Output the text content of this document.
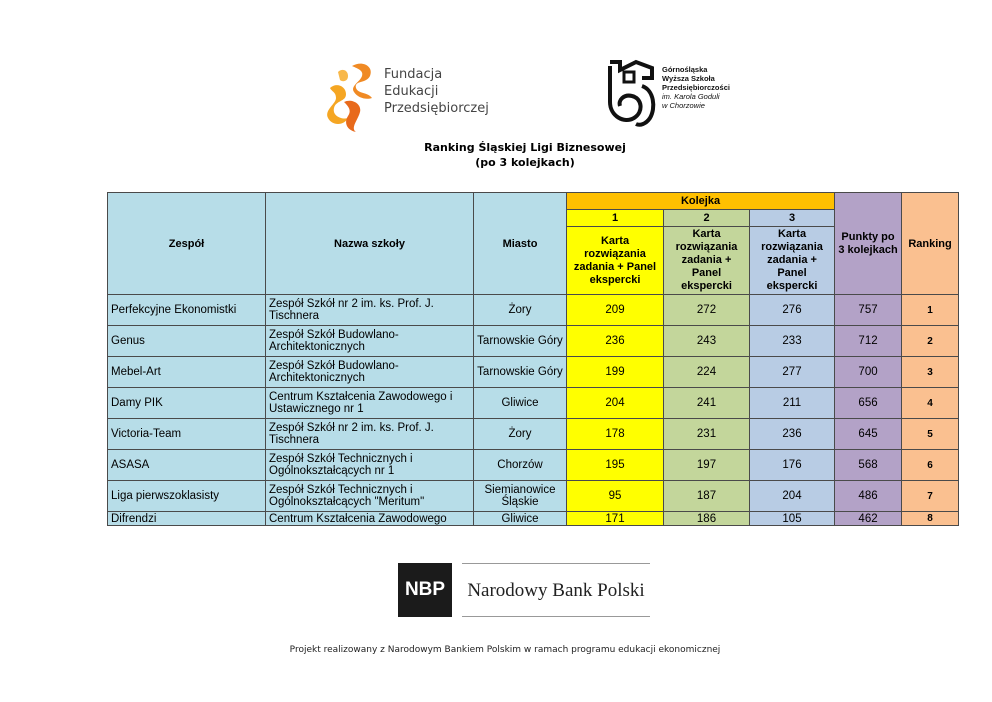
Fundacja
Edukacji
Przedsiębiorczej
Górnośląska
Wyższa Szkoła
Przedsiębiorczości
im. Karola Goduli
w Chorzowie
Ranking Śląskiej Ligi Biznesowej
(po 3 kolejkach)
Zespół	Nazwa szkoły	Miasto	Kolejka			Punkty po 3 kolejkach	Ranking
			1	2	3		
			Karta rozwiązania zadania + Panel ekspercki	Karta rozwiązania zadania + Panel ekspercki	Karta rozwiązania zadania + Panel ekspercki		
Perfekcyjne Ekonomistki	Zespół Szkół nr 2 im. ks. Prof. J. Tischnera	Żory	209	272	276	757	1
Genus	Zespół Szkół Budowlano-Architektonicznych	Tarnowskie Góry	236	243	233	712	2
Mebel-Art	Zespół Szkół Budowlano-Architektonicznych	Tarnowskie Góry	199	224	277	700	3
Damy PIK	Centrum Kształcenia Zawodowego i Ustawicznego nr 1	Gliwice	204	241	211	656	4
Victoria-Team	Zespół Szkół nr 2 im. ks. Prof. J. Tischnera	Żory	178	231	236	645	5
ASASA	Zespół Szkół Technicznych i Ogólnokształcących nr 1	Chorzów	195	197	176	568	6
Liga pierwszoklasisty	Zespół Szkół Technicznych i Ogólnokształcących "Meritum"	Siemianowice Śląskie	95	187	204	486	7
Difrendzi	Centrum Kształcenia Zawodowego	Gliwice	171	186	105	462	8
NBP	Narodowy Bank Polski
Projekt realizowany z Narodowym Bankiem Polskim w ramach programu edukacji ekonomicznej
